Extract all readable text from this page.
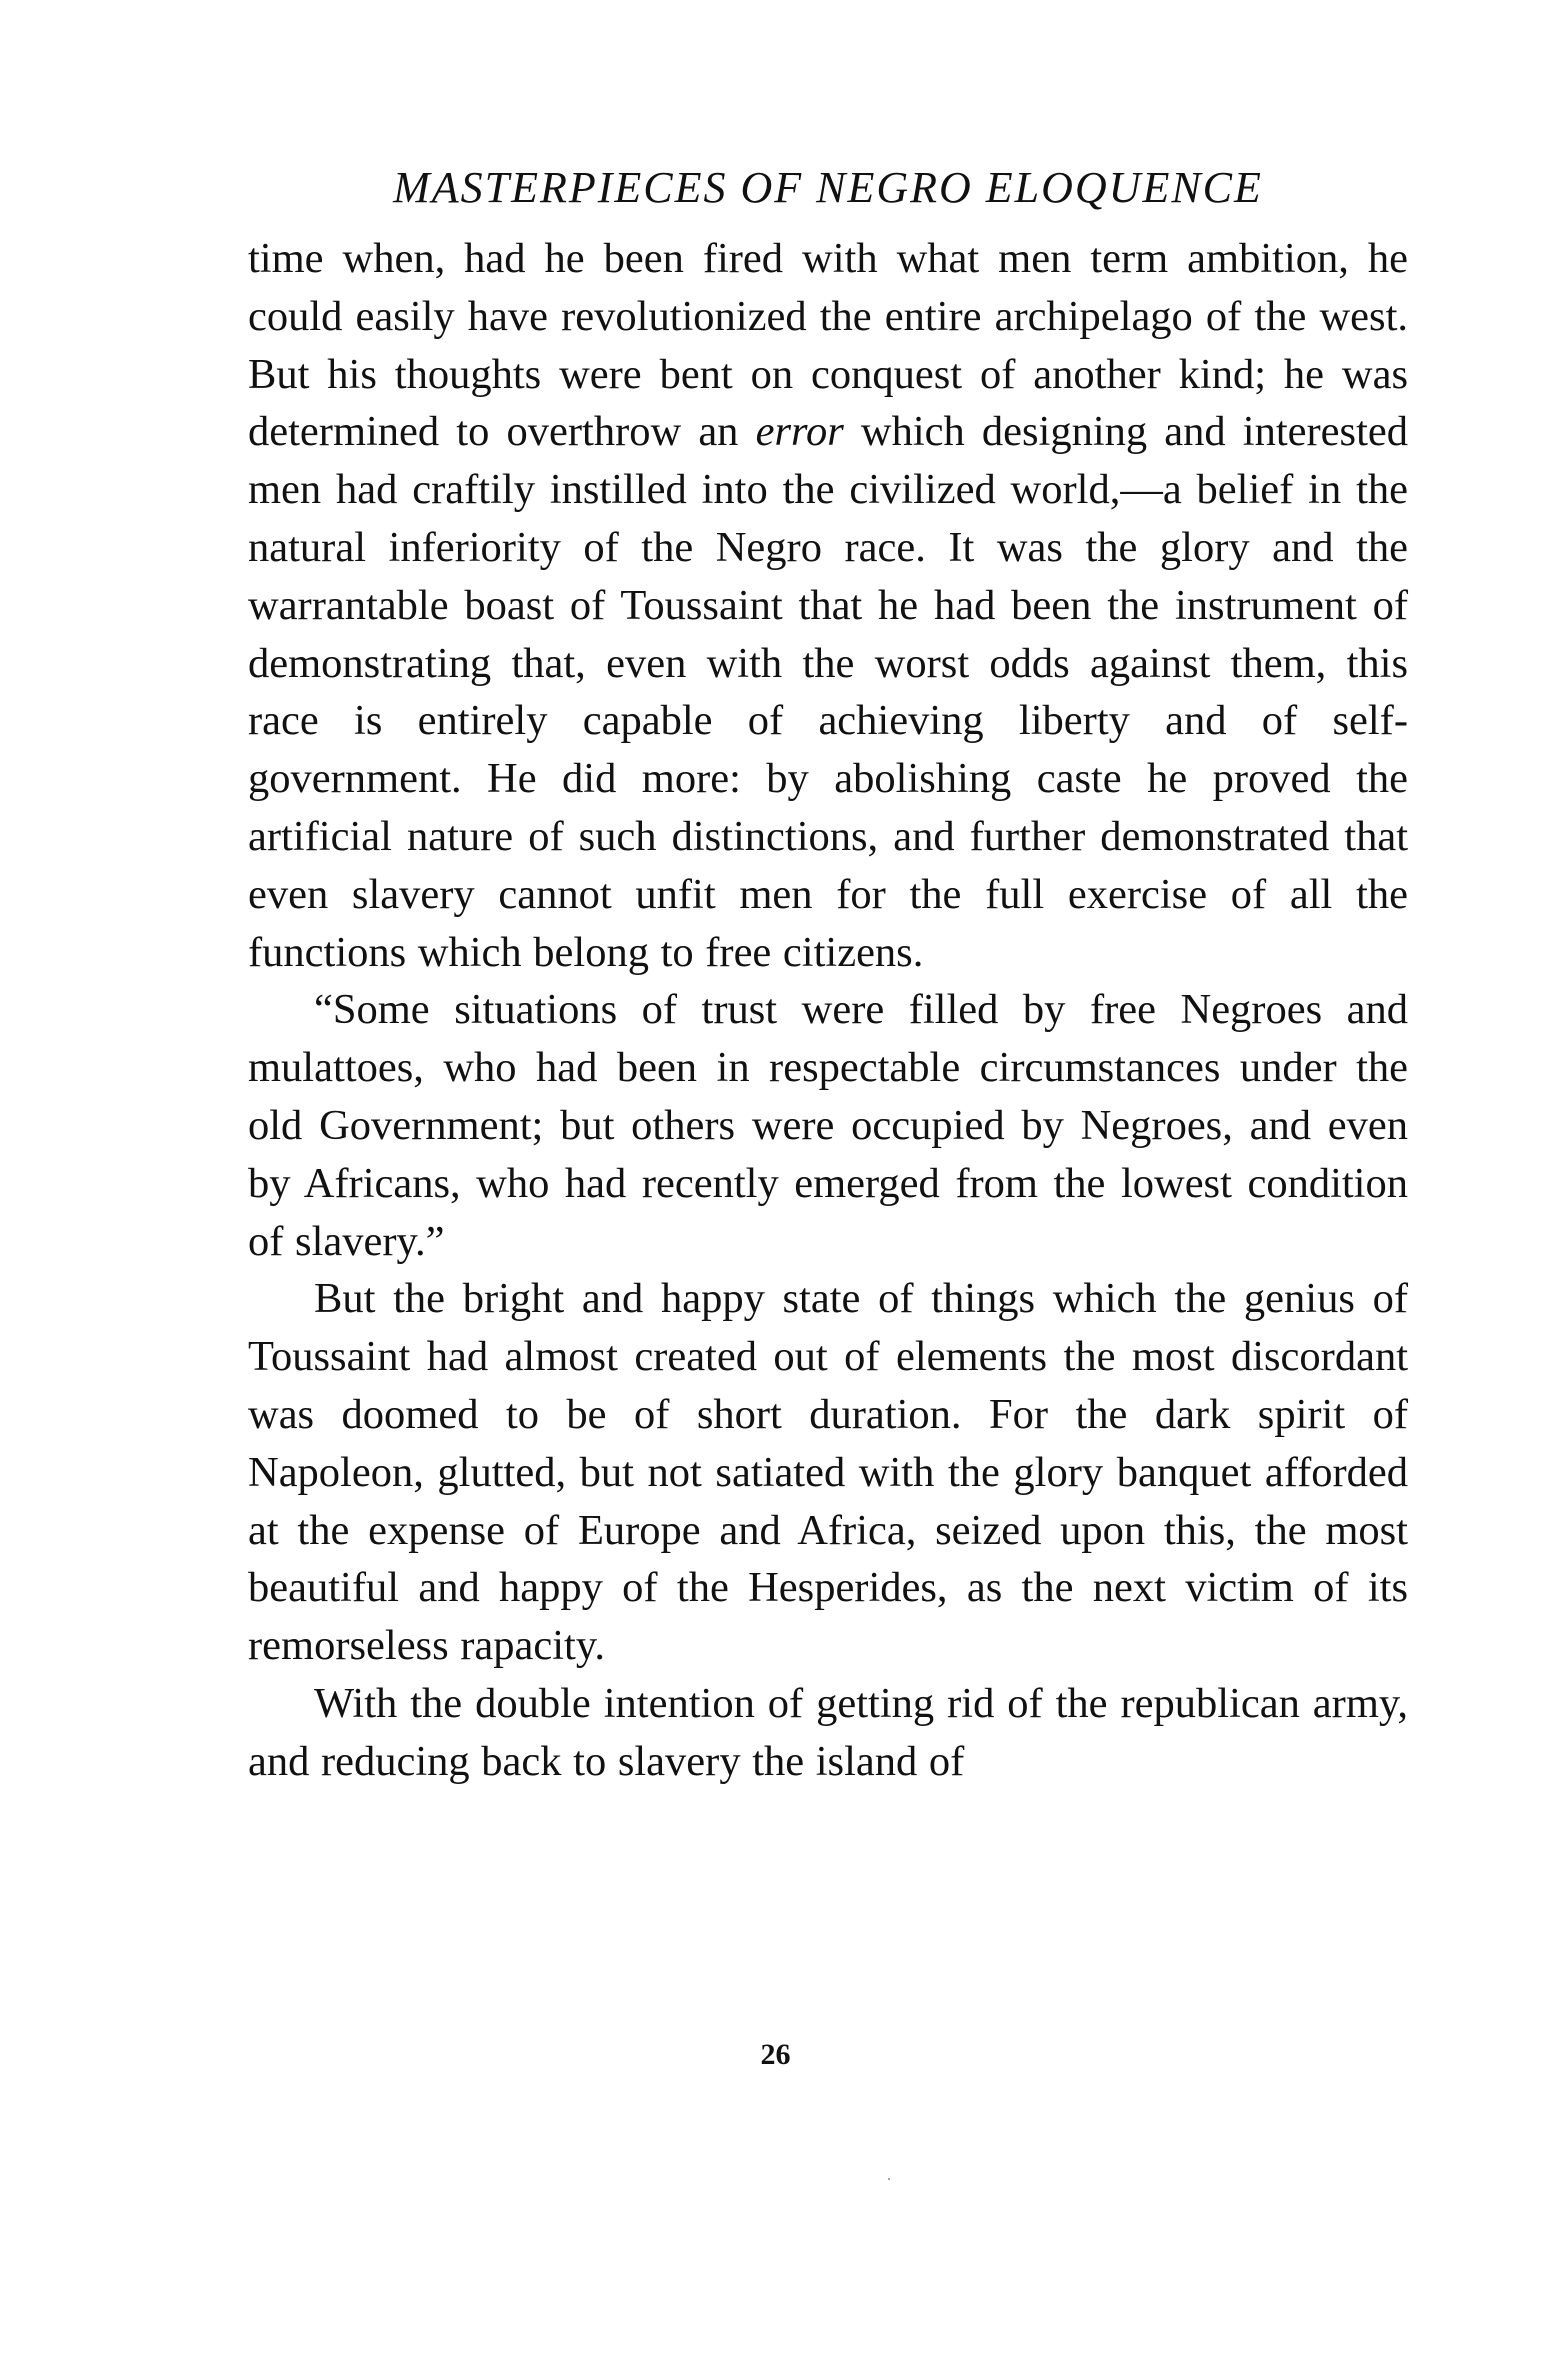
MASTERPIECES OF NEGRO ELOQUENCE

time when, had he been fired with what men term ambition, he could easily have revolutionized the entire archipelago of the west. But his thoughts were bent on conquest of another kind; he was determined to overthrow an error which designing and interested men had craftily instilled into the civilized world,—a belief in the natural inferiority of the Negro race. It was the glory and the warrantable boast of Toussaint that he had been the instrument of demonstrating that, even with the worst odds against them, this race is entirely capable of achieving liberty and of self-government. He did more: by abolishing caste he proved the artificial nature of such distinctions, and further demonstrated that even slavery cannot unfit men for the full exercise of all the functions which belong to free citizens.

“Some situations of trust were filled by free Negroes and mulattoes, who had been in respectable circumstances under the old Government; but others were occupied by Negroes, and even by Africans, who had recently emerged from the lowest condition of slavery.”

But the bright and happy state of things which the genius of Toussaint had almost created out of elements the most discordant was doomed to be of short duration. For the dark spirit of Napoleon, glutted, but not satiated with the glory banquet afforded at the expense of Europe and Africa, seized upon this, the most beautiful and happy of the Hesperides, as the next victim of its remorseless rapacity.

With the double intention of getting rid of the republican army, and reducing back to slavery the island of

26
